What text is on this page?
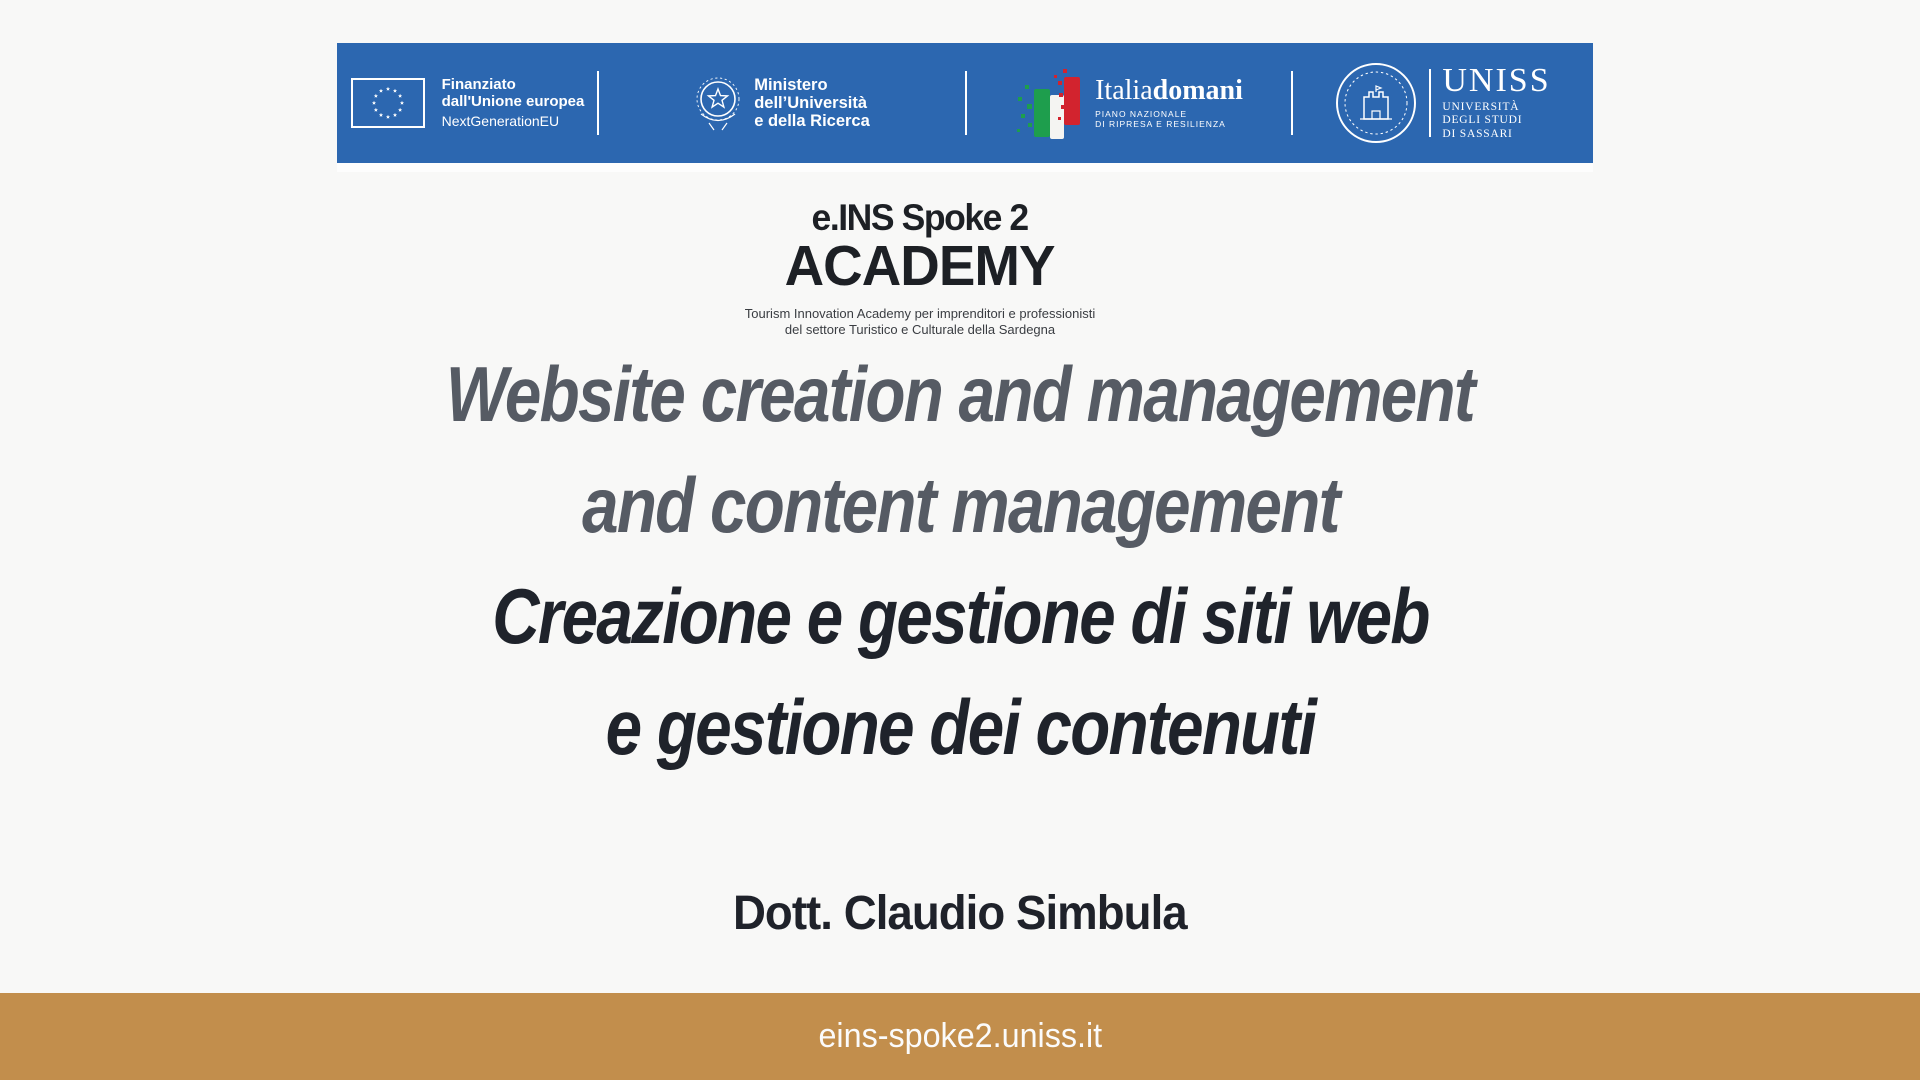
Finanziato
dall'Unione europea
NextGenerationEU
Ministero
dell’Università
e della Ricerca
Italiadomani
PIANO NAZIONALE
DI RIPRESA E RESILIENZA
UNISS
UNIVERSITÀ
DEGLI STUDI
DI SASSARI
e.INS Spoke 2
ACADEMY
Tourism Innovation Academy per imprenditori e professionisti
del settore Turistico e Culturale della Sardegna
Website creation and management
and content management
Creazione e gestione di siti web
e gestione dei contenuti
Dott. Claudio Simbula
eins-spoke2.uniss.it
